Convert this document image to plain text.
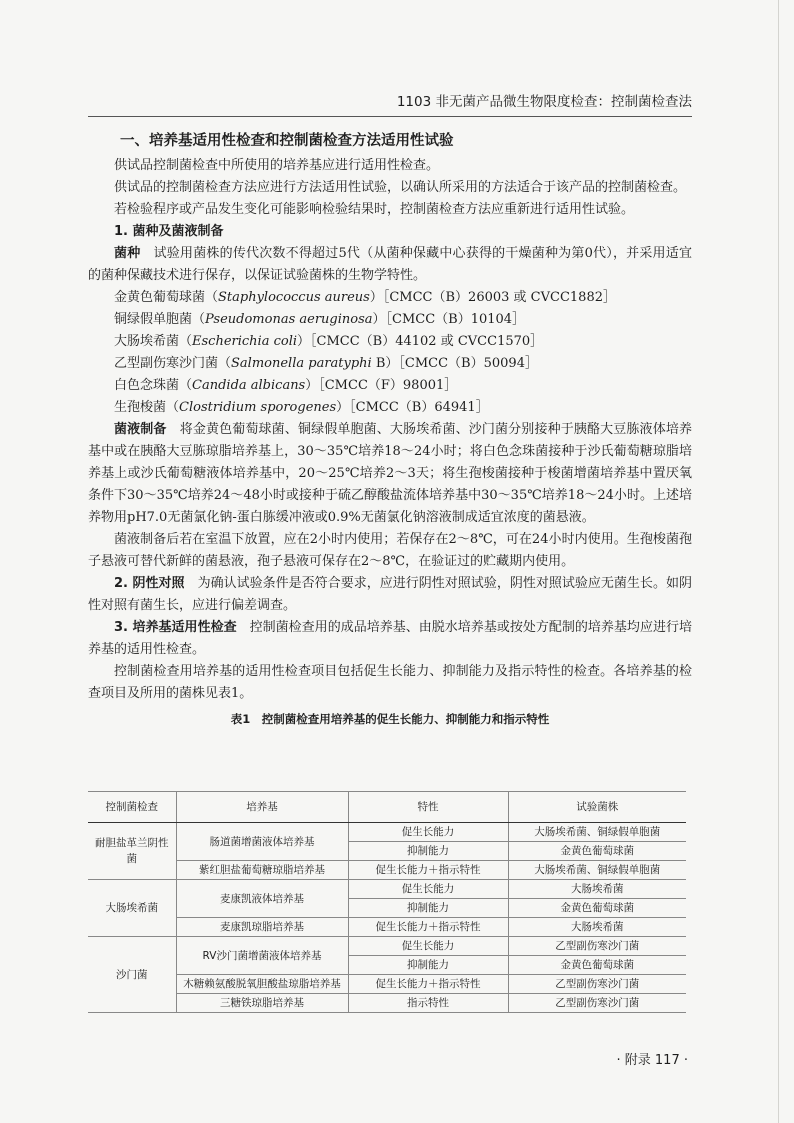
1103 非无菌产品微生物限度检查：控制菌检查法
一、培养基适用性检查和控制菌检查方法适用性试验

供试品控制菌检查中所使用的培养基应进行适用性检查。

供试品的控制菌检查方法应进行方法适用性试验，以确认所采用的方法适合于该产品的控制菌检查。

若检验程序或产品发生变化可能影响检验结果时，控制菌检查方法应重新进行适用性试验。

1. 菌种及菌液制备

菌种　 试验用菌株的传代次数不得超过5代（从菌种保藏中心获得的干燥菌种为第0代），并采用适宜的菌种保藏技术进行保存，以保证试验菌株的生物学特性。

金黄色葡萄球菌（Staphylococcus aureus）［CMCC（B）26003 或 CVCC1882］

铜绿假单胞菌（Pseudomonas aeruginosa）［CMCC（B）10104］

大肠埃希菌（Escherichia coli）［CMCC（B）44102 或 CVCC1570］

乙型副伤寒沙门菌（Salmonella paratyphi B）［CMCC（B）50094］

白色念珠菌（Candida albicans）［CMCC（F）98001］

生孢梭菌（Clostridium sporogenes）［CMCC（B）64941］

菌液制备　 将金黄色葡萄球菌、铜绿假单胞菌、大肠埃希菌、沙门菌分别接种于胰酪大豆胨液体培养基中或在胰酪大豆胨琼脂培养基上，30～35℃培养18～24小时；将白色念珠菌接种于沙氏葡萄糖琼脂培养基上或沙氏葡萄糖液体培养基中，20～25℃培养2～3天；将生孢梭菌接种于梭菌增菌培养基中置厌氧条件下30～35℃培养24～48小时或接种于硫乙醇酸盐流体培养基中30～35℃培养18～24小时。上述培养物用pH7.0无菌氯化钠-蛋白胨缓冲液或0.9%无菌氯化钠溶液制成适宜浓度的菌悬液。

菌液制备后若在室温下放置，应在2小时内使用；若保存在2～8℃，可在24小时内使用。生孢梭菌孢子悬液可替代新鲜的菌悬液，孢子悬液可保存在2～8℃，在验证过的贮藏期内使用。

2. 阴性对照　 为确认试验条件是否符合要求，应进行阴性对照试验，阴性对照试验应无菌生长。如阴性对照有菌生长，应进行偏差调查。

3. 培养基适用性检查　 控制菌检查用的成品培养基、由脱水培养基或按处方配制的培养基均应进行培养基的适用性检查。

控制菌检查用培养基的适用性检查项目包括促生长能力、抑制能力及指示特性的检查。各培养基的检查项目及所用的菌株见表1。

表1　控制菌检查用培养基的促生长能力、抑制能力和指示特性
控制菌检查	培养基	特性	试验菌株
耐胆盐革兰阴性菌	肠道菌增菌液体培养基	促生长能力	大肠埃希菌、铜绿假单胞菌
		抑制能力	金黄色葡萄球菌
	紫红胆盐葡萄糖琼脂培养基	促生长能力＋指示特性	大肠埃希菌、铜绿假单胞菌
大肠埃希菌	麦康凯液体培养基	促生长能力	大肠埃希菌
		抑制能力	金黄色葡萄球菌
	麦康凯琼脂培养基	促生长能力＋指示特性	大肠埃希菌
沙门菌	RV沙门菌增菌液体培养基	促生长能力	乙型副伤寒沙门菌
		抑制能力	金黄色葡萄球菌
	木糖赖氨酸脱氧胆酸盐琼脂培养基	促生长能力＋指示特性	乙型副伤寒沙门菌
	三糖铁琼脂培养基	指示特性	乙型副伤寒沙门菌
· 附录 117 ·
